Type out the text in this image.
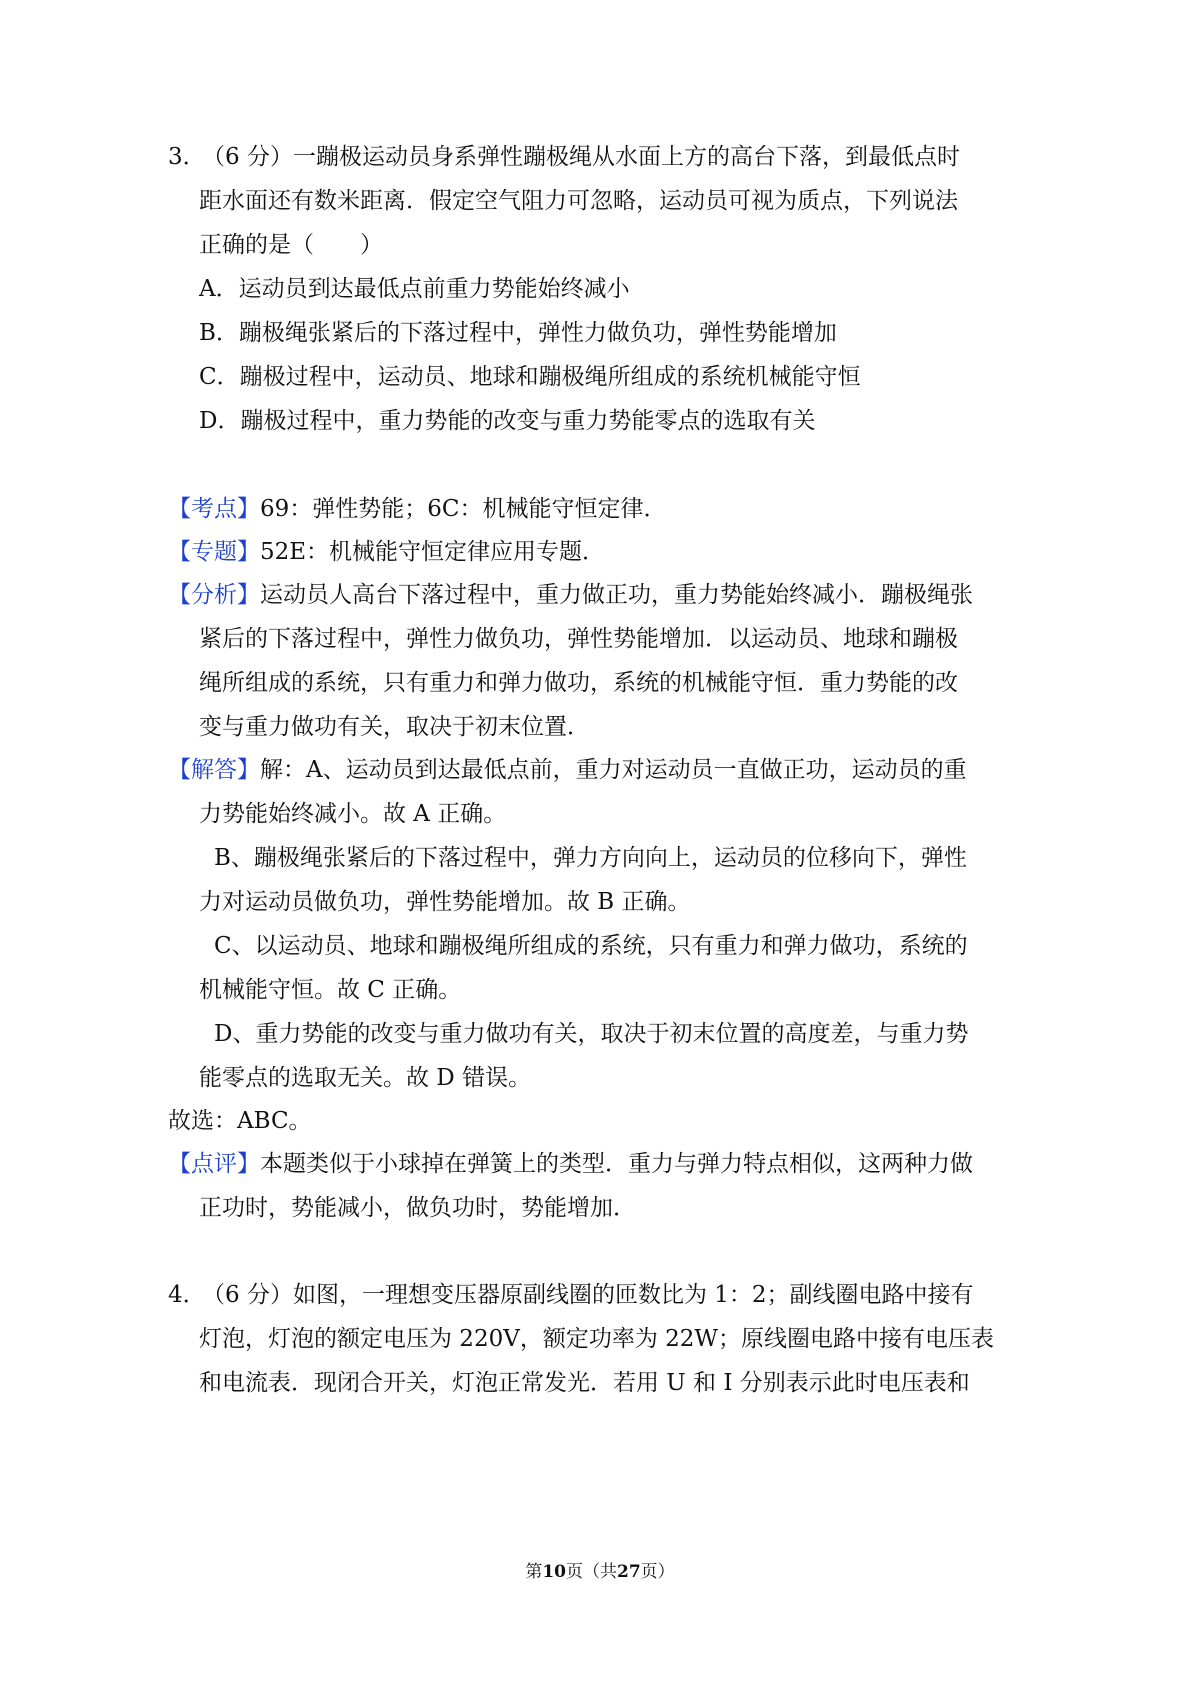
3．（6 分）一蹦极运动员身系弹性蹦极绳从水面上方的高台下落，到最低点时
距水面还有数米距离．假定空气阻力可忽略，运动员可视为质点，下列说法
正确的是（　　）
A．运动员到达最低点前重力势能始终减小
B．蹦极绳张紧后的下落过程中，弹性力做负功，弹性势能增加
C．蹦极过程中，运动员、地球和蹦极绳所组成的系统机械能守恒
D．蹦极过程中，重力势能的改变与重力势能零点的选取有关
【考点】69：弹性势能；6C：机械能守恒定律．
【专题】52E：机械能守恒定律应用专题．
【分析】运动员人高台下落过程中，重力做正功，重力势能始终减小．蹦极绳张
紧后的下落过程中，弹性力做负功，弹性势能增加．以运动员、地球和蹦极
绳所组成的系统，只有重力和弹力做功，系统的机械能守恒．重力势能的改
变与重力做功有关，取决于初末位置．
【解答】解：A、运动员到达最低点前，重力对运动员一直做正功，运动员的重
力势能始终减小。故 A 正确。
B、蹦极绳张紧后的下落过程中，弹力方向向上，运动员的位移向下，弹性
力对运动员做负功，弹性势能增加。故 B 正确。
C、以运动员、地球和蹦极绳所组成的系统，只有重力和弹力做功，系统的
机械能守恒。故 C 正确。
D、重力势能的改变与重力做功有关，取决于初末位置的高度差，与重力势
能零点的选取无关。故 D 错误。
故选：ABC。
【点评】本题类似于小球掉在弹簧上的类型．重力与弹力特点相似，这两种力做
正功时，势能减小，做负功时，势能增加．
4．（6 分）如图，一理想变压器原副线圈的匝数比为 1：2；副线圈电路中接有
灯泡，灯泡的额定电压为 220V，额定功率为 22W；原线圈电路中接有电压表
和电流表．现闭合开关，灯泡正常发光．若用 U 和 I 分别表示此时电压表和
第10页（共27页）
